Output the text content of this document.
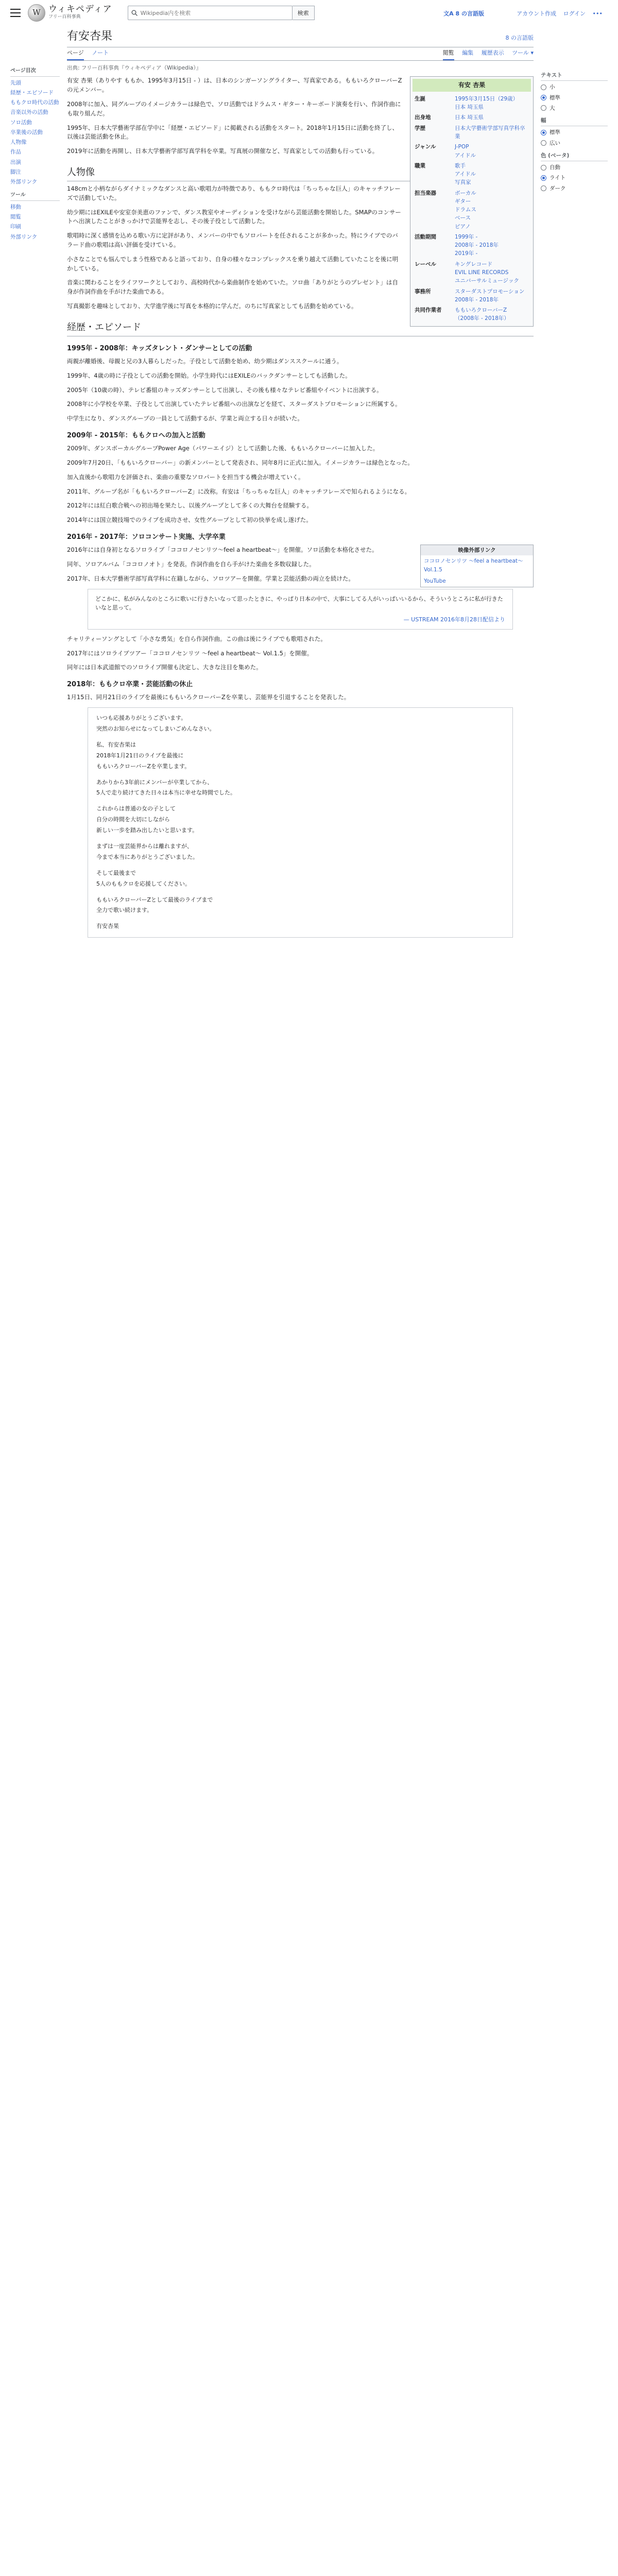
W ウィキペディア
フリー百科事典
Wikipedia内を検索
検索	文A 8 の言語版	アカウント作成 ログイン •••
ページ目次
先頭
経歴・エピソード
ももクロ時代の活動
音楽以外の活動
ソロ活動
卒業後の活動
人物像
作品
出演
脚注
外部リンク
ツール
移動
閲覧
印刷
外部リンク
有安杏果	8 の言語版
ページ ノート	閲覧 編集 履歴表示 ツール ▾
出典: フリー百科事典『ウィキペディア（Wikipedia）』
有安 杏果
生誕	1995年3月15日（29歳）
日本 埼玉県

出身地	日本 埼玉県

学歴	日本大学藝術学部写真学科卒業

ジャンル	J-POP
アイドル

職業	歌手
アイドル
写真家

担当楽器	ボーカル
ギター
ドラムス
ベース
ピアノ

活動期間	1999年 -
2008年 - 2018年
2019年 -

レーベル	キングレコード
EVIL LINE RECORDS
ユニバーサルミュージック

事務所	スターダストプロモーション
2008年 - 2018年

共同作業者	ももいろクローバーZ
（2008年 - 2018年）

有安 杏果（ありやす ももか、1995年3月15日 - ）は、日本のシンガーソングライター、写真家である。ももいろクローバーZの元メンバー。

2008年に加入、同グループのイメージカラーは緑色で、ソロ活動ではドラムス・ギター・キーボード演奏を行い、作詞作曲にも取り組んだ。

1995年、日本大学藝術学部在学中に「経歴・エピソード」に掲載される活動をスタート。2018年1月15日に活動を終了し、以後は芸能活動を休止。

2019年に活動を再開し、日本大学藝術学部写真学科を卒業。写真展の開催など、写真家としての活動も行っている。

人物像

148cmと小柄ながらダイナミックなダンスと高い歌唱力が特徴であり、ももクロ時代は「ちっちゃな巨人」のキャッチフレーズで活動していた。

幼少期にはEXILEや安室奈美恵のファンで、ダンス教室やオーディションを受けながら芸能活動を開始した。SMAPのコンサートへ出演したことがきっかけで芸能界を志し、その後子役として活動した。

歌唱時に深く感情を込める歌い方に定評があり、メンバーの中でもソロパートを任されることが多かった。特にライブでのバラード曲の歌唱は高い評価を受けている。

小さなことでも悩んでしまう性格であると語っており、自身の様々なコンプレックスを乗り越えて活動していたことを後に明かしている。

音楽に関わることをライフワークとしており、高校時代から楽曲制作を始めていた。ソロ曲「ありがとうのプレゼント」は自身が作詞作曲を手がけた楽曲である。

写真撮影を趣味としており、大学進学後に写真を本格的に学んだ。のちに写真家としても活動を始めている。

経歴・エピソード
1995年 - 2008年：キッズタレント・ダンサーとしての活動

両親が離婚後、母親と兄の3人暮らしだった。子役として活動を始め、幼少期はダンススクールに通う。

1999年、4歳の時に子役としての活動を開始。小学生時代にはEXILEのバックダンサーとしても活動した。

2005年（10歳の時）、テレビ番組のキッズダンサーとして出演し、その後も様々なテレビ番組やイベントに出演する。

2008年に小学校を卒業、子役として出演していたテレビ番組への出演などを経て、スターダストプロモーションに所属する。

中学生になり、ダンスグループの一員として活動するが、学業と両立する日々が続いた。

2009年 - 2015年：ももクロへの加入と活動

2009年、ダンスボーカルグループPower Age（パワーエイジ）として活動した後、ももいろクローバーに加入した。

2009年7月20日、「ももいろクローバー」の新メンバーとして発表され、同年8月に正式に加入。イメージカラーは緑色となった。

加入直後から歌唱力を評価され、楽曲の重要なソロパートを担当する機会が増えていく。

2011年、グループ名が「ももいろクローバーZ」に改称。有安は「ちっちゃな巨人」のキャッチフレーズで知られるようになる。

2012年には紅白歌合戦への初出場を果たし、以後グループとして多くの大舞台を経験する。

2014年には国立競技場でのライブを成功させ、女性グループとして初の快挙を成し遂げた。

2016年 - 2017年：ソロコンサート実施、大学卒業
映像外部リンク
ココロノセンリツ ～feel a heartbeat～ Vol.1.5
YouTube

2016年には自身初となるソロライブ「ココロノセンリツ～feel a heartbeat～」を開催。ソロ活動を本格化させた。

同年、ソロアルバム「ココロノオト」を発表。作詞作曲を自ら手がけた楽曲を多数収録した。

2017年、日本大学藝術学部写真学科に在籍しながら、ソロツアーを開催。学業と芸能活動の両立を続けた。

どこかに、私がみんなのところに歌いに行きたいなって思ったときに、やっぱり日本の中で、大事にしてる人がいっぱいいるから、そういうところに私が行きたいなと思って。
— USTREAM 2016年8月28日配信より

チャリティーソングとして「小さな勇気」を自ら作詞作曲。この曲は後にライブでも歌唱された。

2017年にはソロライブツアー「ココロノセンリツ ～feel a heartbeat～ Vol.1.5」を開催。

同年には日本武道館でのソロライブ開催も決定し、大きな注目を集めた。

2018年：ももクロ卒業・芸能活動の休止

1月15日、同月21日のライブを最後にももいろクローバーZを卒業し、芸能界を引退することを発表した。

いつも応援ありがとうございます。
突然のお知らせになってしまいごめんなさい。
私、有安杏果は
2018年1月21日のライブを最後に
ももいろクローバーZを卒業します。
あかりから3年前にメンバーが卒業してから、
5人で走り続けてきた日々は本当に幸せな時間でした。
これからは普通の女の子として
自分の時間を大切にしながら
新しい一歩を踏み出したいと思います。
まずは一度芸能界からは離れますが、
今まで本当にありがとうございました。
そして最後まで
5人のももクロを応援してください。
ももいろクローバーZとして最後のライブまで
全力で歌い続けます。
有安杏果
テキスト
小
標準
大
幅
標準
広い
色 (ベータ)
自動
ライト
ダーク
